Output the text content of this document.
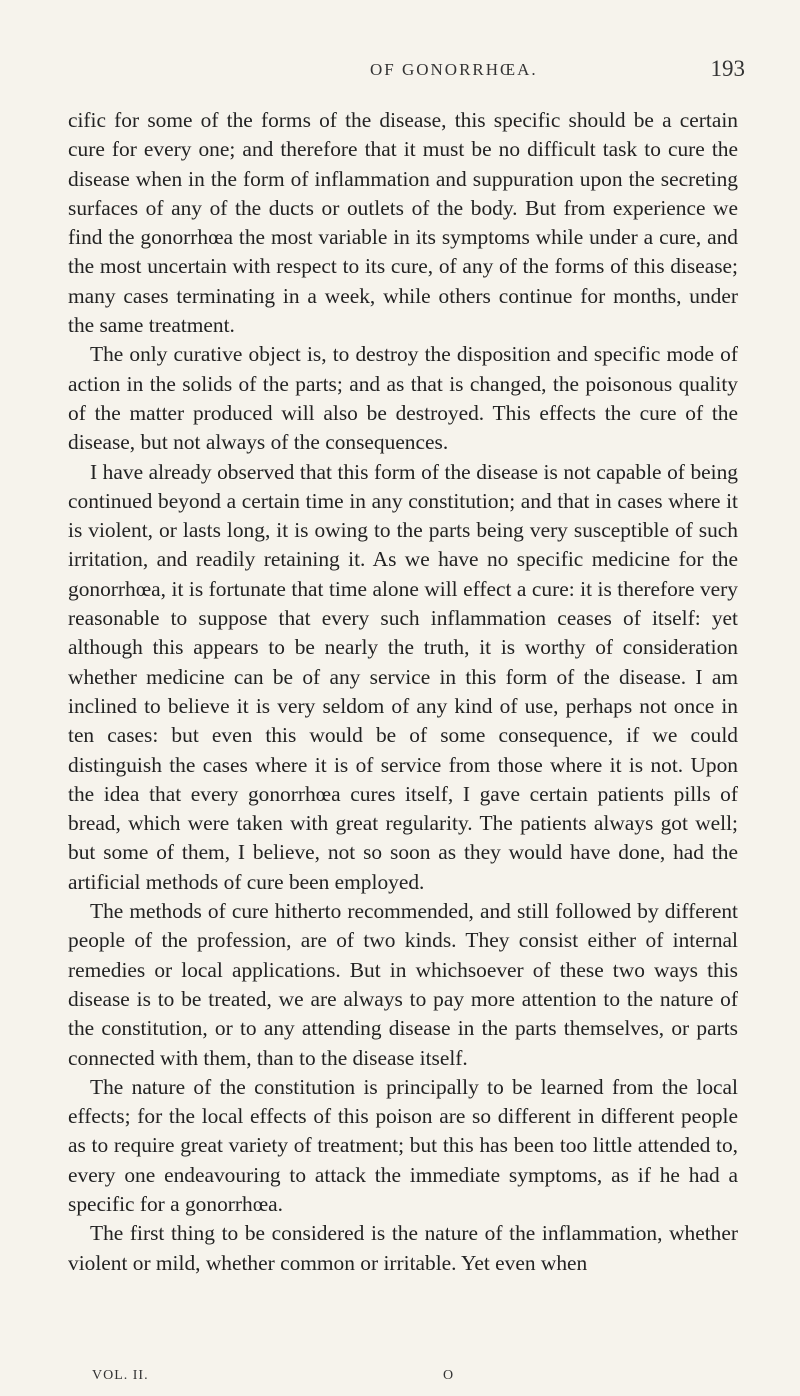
OF GONORRHŒA.	193

cific for some of the forms of the disease, this specific should be a certain cure for every one; and therefore that it must be no difficult task to cure the disease when in the form of inflammation and suppuration upon the secreting surfaces of any of the ducts or outlets of the body. But from experience we find the gonorrhœa the most variable in its symptoms while under a cure, and the most uncertain with respect to its cure, of any of the forms of this disease; many cases terminating in a week, while others continue for months, under the same treatment.

The only curative object is, to destroy the disposition and specific mode of action in the solids of the parts; and as that is changed, the poisonous quality of the matter produced will also be destroyed. This effects the cure of the disease, but not always of the consequences.

I have already observed that this form of the disease is not capable of being continued beyond a certain time in any constitution; and that in cases where it is violent, or lasts long, it is owing to the parts being very susceptible of such irritation, and readily retaining it. As we have no specific medicine for the gonorrhœa, it is fortunate that time alone will effect a cure: it is therefore very reasonable to suppose that every such inflammation ceases of itself: yet although this appears to be nearly the truth, it is worthy of consideration whether medicine can be of any service in this form of the disease. I am inclined to believe it is very seldom of any kind of use, perhaps not once in ten cases: but even this would be of some consequence, if we could distinguish the cases where it is of service from those where it is not. Upon the idea that every gonorrhœa cures itself, I gave certain patients pills of bread, which were taken with great regularity. The patients always got well; but some of them, I believe, not so soon as they would have done, had the artificial methods of cure been employed.

The methods of cure hitherto recommended, and still followed by different people of the profession, are of two kinds. They consist either of internal remedies or local applications. But in whichsoever of these two ways this disease is to be treated, we are always to pay more attention to the nature of the constitution, or to any attending disease in the parts themselves, or parts connected with them, than to the disease itself.

The nature of the constitution is principally to be learned from the local effects; for the local effects of this poison are so different in different people as to require great variety of treatment; but this has been too little attended to, every one endeavouring to attack the immediate symptoms, as if he had a specific for a gonorrhœa.

The first thing to be considered is the nature of the inflammation, whether violent or mild, whether common or irritable. Yet even when

VOL. II.	O
